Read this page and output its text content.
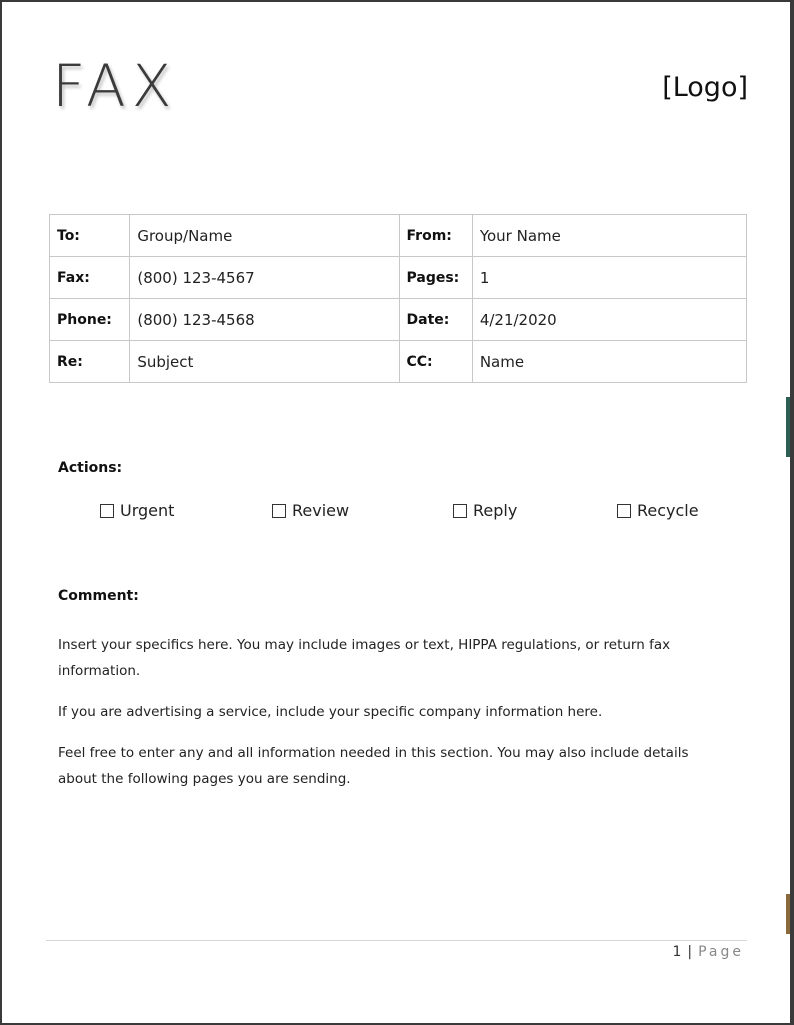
FAX	[Logo]
To:	Group/Name	From:	Your Name
Fax:	(800) 123-4567	Pages:	1
Phone:	(800) 123-4568	Date:	4/21/2020
Re:	Subject	CC:	Name
Actions:
Urgent	Review	Reply	Recycle
Comment:

Insert your specifics here. You may include images or text, HIPPA regulations, or return fax information.

If you are advertising a service, include your specific company information here.

Feel free to enter any and all information needed in this section. You may also include details about the following pages you are sending.

1 | Page
